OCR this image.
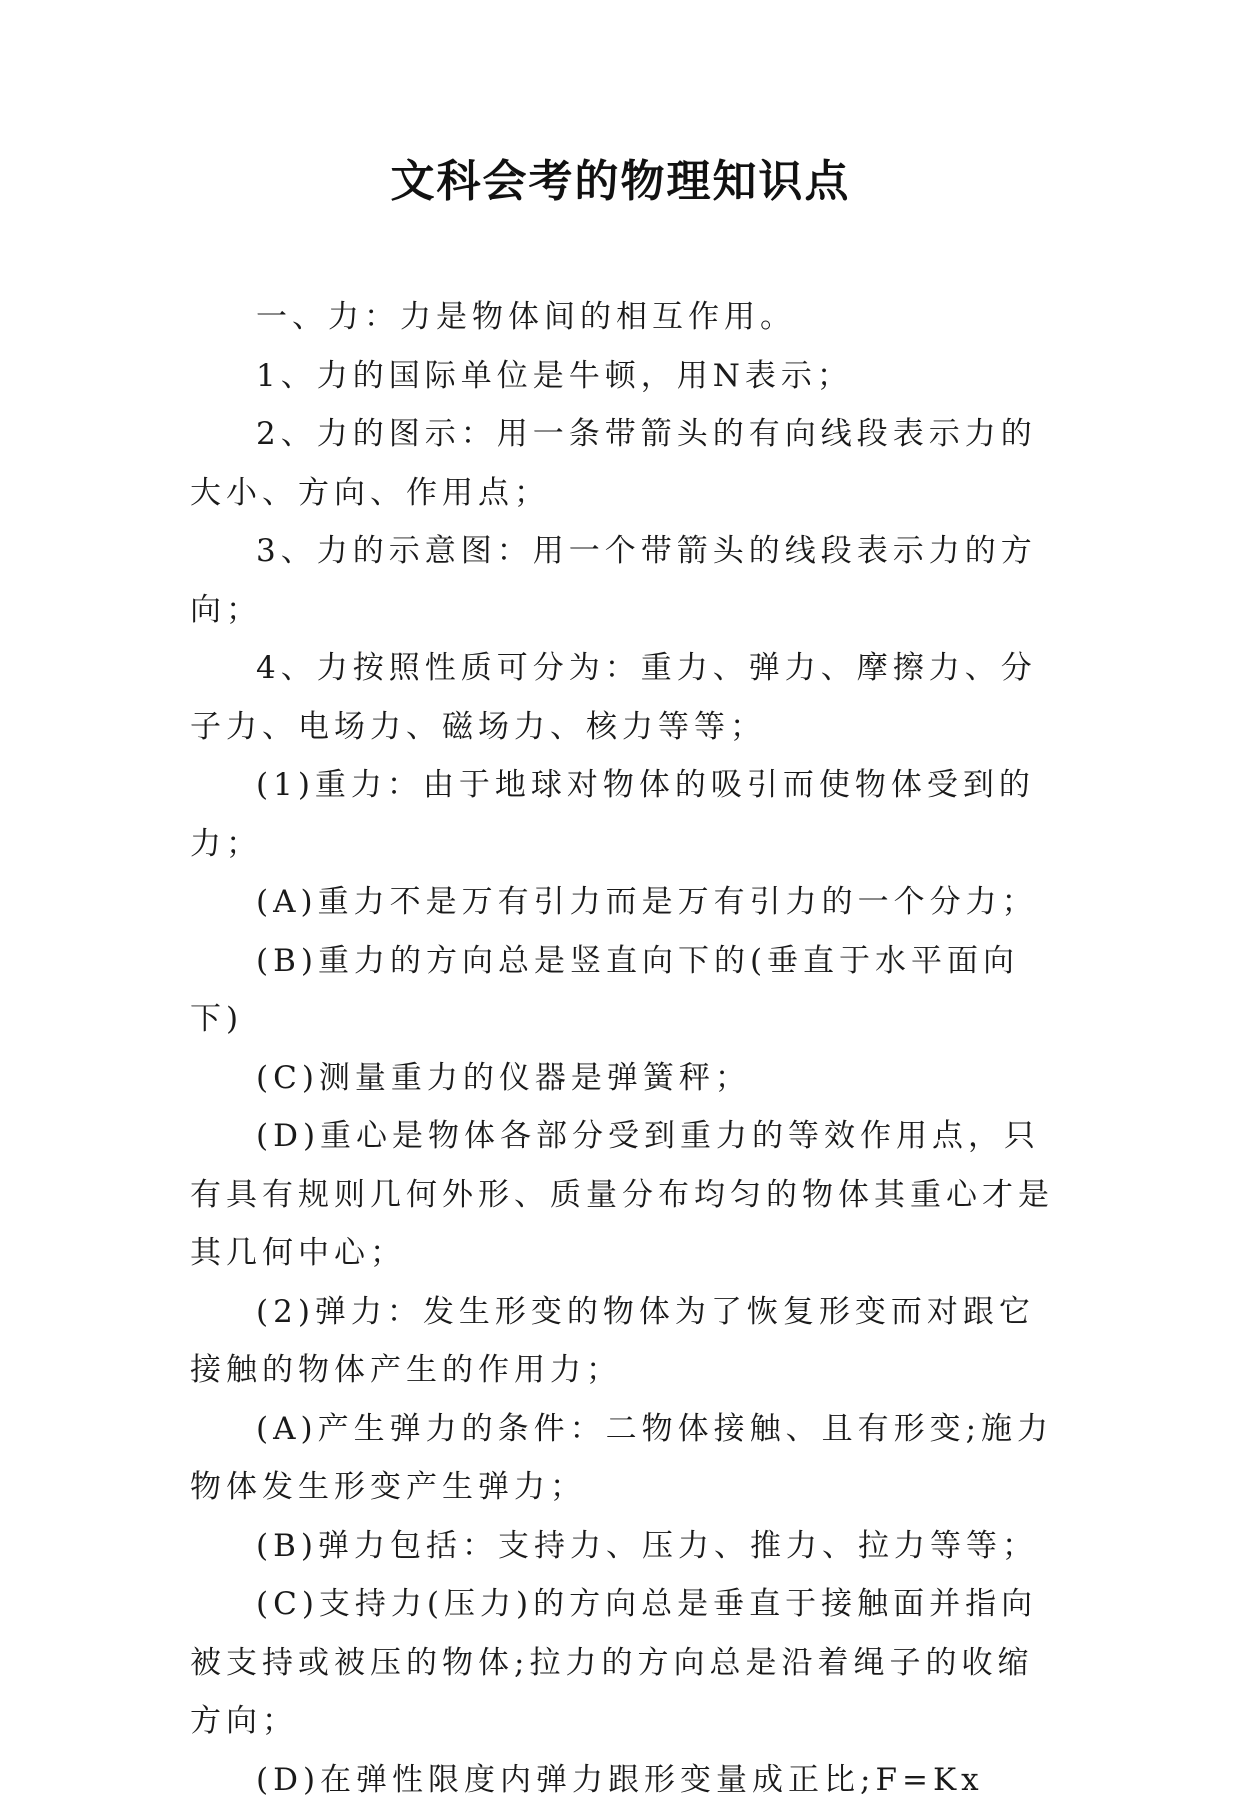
文科会考的物理知识点

一、力：力是物体间的相互作用。

1、力的国际单位是牛顿，用N表示；

2、力的图示：用一条带箭头的有向线段表示力的大小、方向、作用点；

3、力的示意图：用一个带箭头的线段表示力的方向；

4、力按照性质可分为：重力、弹力、摩擦力、分子力、电场力、磁场力、核力等等；

(1)重力：由于地球对物体的吸引而使物体受到的力；

(A)重力不是万有引力而是万有引力的一个分力；

(B)重力的方向总是竖直向下的(垂直于水平面向下)

(C)测量重力的仪器是弹簧秤；

(D)重心是物体各部分受到重力的等效作用点，只有具有规则几何外形、质量分布均匀的物体其重心才是其几何中心；

(2)弹力：发生形变的物体为了恢复形变而对跟它接触的物体产生的作用力；

(A)产生弹力的条件：二物体接触、且有形变;施力物体发生形变产生弹力；

(B)弹力包括：支持力、压力、推力、拉力等等；

(C)支持力(压力)的方向总是垂直于接触面并指向被支持或被压的物体;拉力的方向总是沿着绳子的收缩方向；

(D)在弹性限度内弹力跟形变量成正比;F=Kx
